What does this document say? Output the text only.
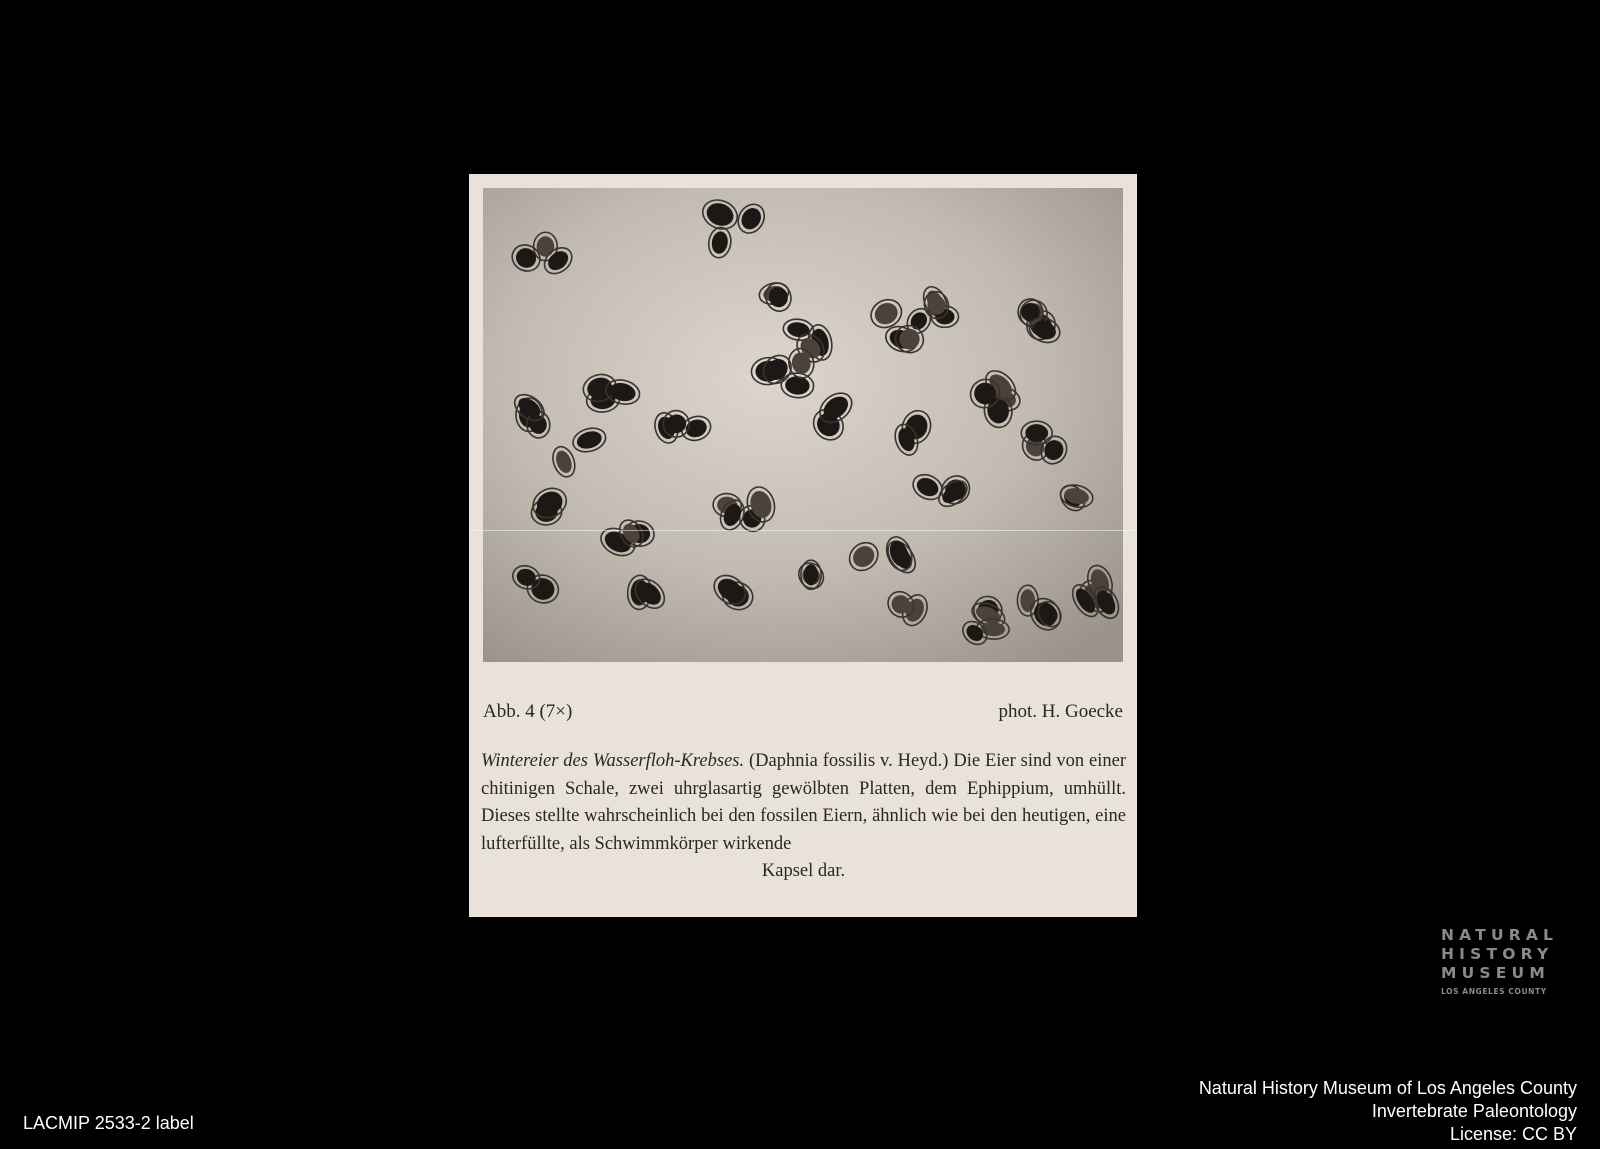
Abb. 4 (7×)	phot. H. Goecke
Wintereier des Wasserfloh-Krebses. (Daphnia fossilis v. Heyd.) Die Eier sind von einer chitinigen Schale, zwei uhrglasartig gewölbten Platten, dem Ephippium, umhüllt. Dieses stellte wahrscheinlich bei den fossilen Eiern, ähnlich wie bei den heutigen, eine lufterfüllte, als Schwimmkörper wirkende
Kapsel dar.
NATURAL
HISTORY
MUSEUM
LOS ANGELES COUNTY
LACMIP 2533-2 label
Natural History Museum of Los Angeles County
Invertebrate Paleontology
License: CC BY
